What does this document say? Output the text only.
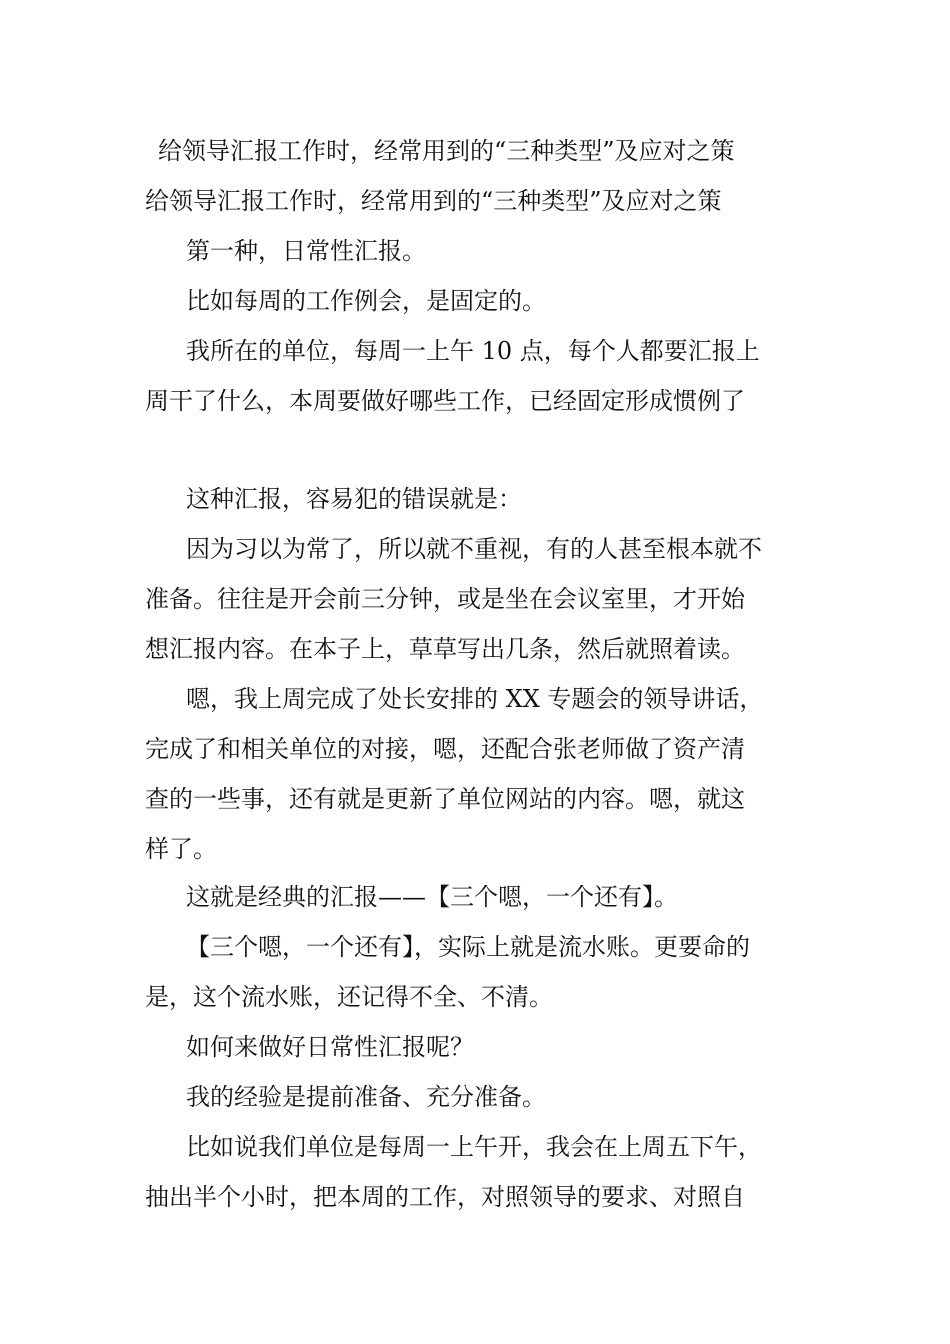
给领导汇报工作时，经常用到的“三种类型”及应对之策
给领导汇报工作时，经常用到的“三种类型”及应对之策
第一种，日常性汇报。
比如每周的工作例会，是固定的。
我所在的单位，每周一上午 10 点，每个人都要汇报上
周干了什么，本周要做好哪些工作，已经固定形成惯例了
这种汇报，容易犯的错误就是：
因为习以为常了，所以就不重视，有的人甚至根本就不
准备。往往是开会前三分钟，或是坐在会议室里，才开始
想汇报内容。在本子上，草草写出几条，然后就照着读。
嗯，我上周完成了处长安排的 XX 专题会的领导讲话，
完成了和相关单位的对接，嗯，还配合张老师做了资产清
查的一些事，还有就是更新了单位网站的内容。嗯，就这
样了。
这就是经典的汇报——【三个嗯，一个还有】。
【三个嗯，一个还有】，实际上就是流水账。更要命的
是，这个流水账，还记得不全、不清。
如何来做好日常性汇报呢？
我的经验是提前准备、充分准备。
比如说我们单位是每周一上午开，我会在上周五下午，
抽出半个小时，把本周的工作，对照领导的要求、对照自
